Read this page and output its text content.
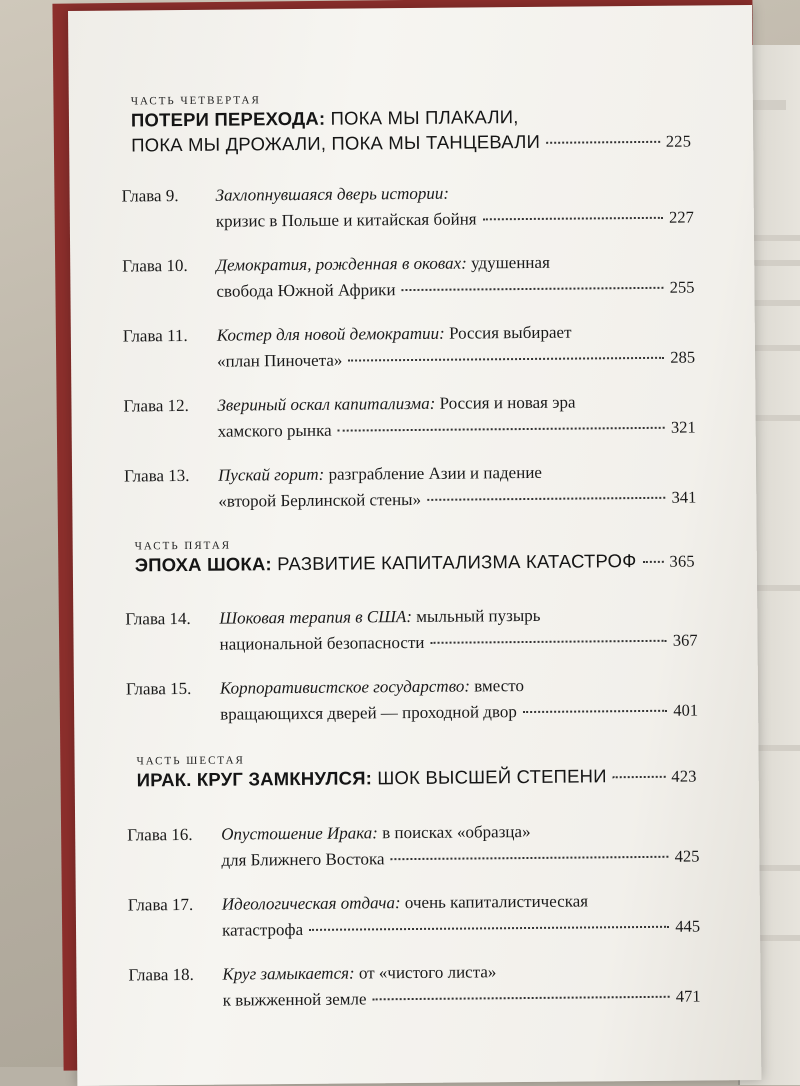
ЧАСТЬ ЧЕТВЕРТАЯ
ПОТЕРИ ПЕРЕХОДА: ПОКА МЫ ПЛАКАЛИ,
ПОКА МЫ ДРОЖАЛИ, ПОКА МЫ ТАНЦЕВАЛИ	225
Глава 9.	Захлопнувшаяся дверь истории:
кризис в Польше и китайская бойня	227
Глава 10.	Демократия, рожденная в оковах: удушенная
свобода Южной Африки	255
Глава 11.	Костер для новой демократии: Россия выбирает
«план Пиночета»	285
Глава 12.	Звериный оскал капитализма: Россия и новая эра
хамского рынка	321
Глава 13.	Пускай горит: разграбление Азии и падение
«второй Берлинской стены»	341
ЧАСТЬ ПЯТАЯ
ЭПОХА ШОКА: РАЗВИТИЕ КАПИТАЛИЗМА КАТАСТРОФ 365
Глава 14.	Шоковая терапия в США: мыльный пузырь
национальной безопасности	367
Глава 15.	Корпоративистское государство: вместо
вращающихся дверей — проходной двор	401
ЧАСТЬ ШЕСТАЯ
ИРАК. КРУГ ЗАМКНУЛСЯ: ШОК ВЫСШЕЙ СТЕПЕНИ	423
Глава 16.	Опустошение Ирака: в поисках «образца»
для Ближнего Востока	425
Глава 17.	Идеологическая отдача: очень капиталистическая
катастрофа	445
Глава 18.	Круг замыкается: от «чистого листа»
к выжженной земле	471
